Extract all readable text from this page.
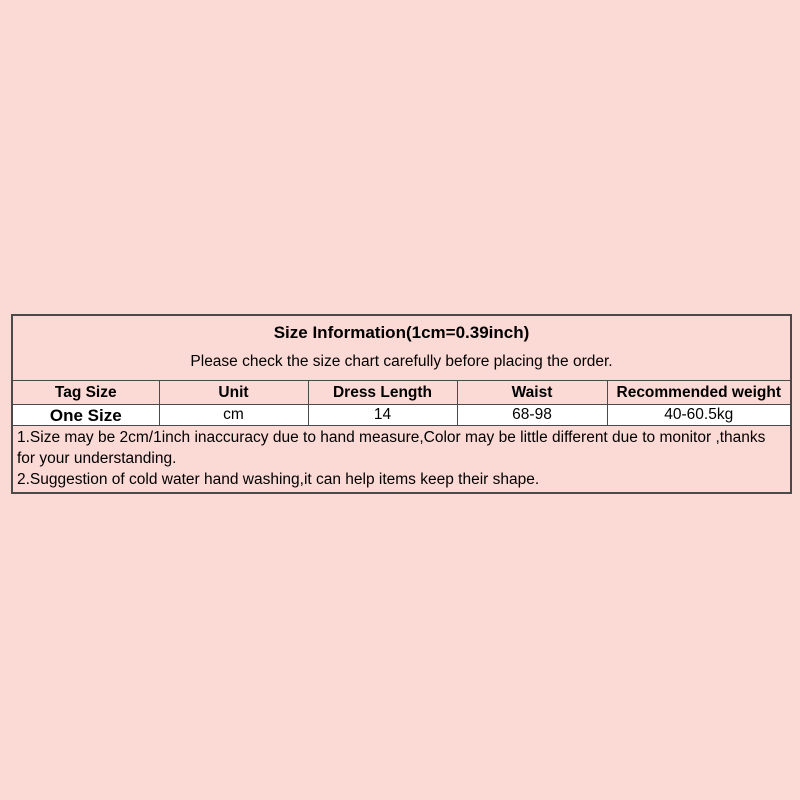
Size Information(1cm=0.39inch)
Please check the size chart carefully before placing the order.				

Tag Size	Unit	Dress Length	Waist	Recommended weight
One Size	cm	14	68-98	40-60.5kg

1.Size may be 2cm/1inch inaccuracy due to hand measure,Color may be little different due to monitor ,thanks for your understanding.

2.Suggestion of cold water hand washing,it can help items keep their shape.				
